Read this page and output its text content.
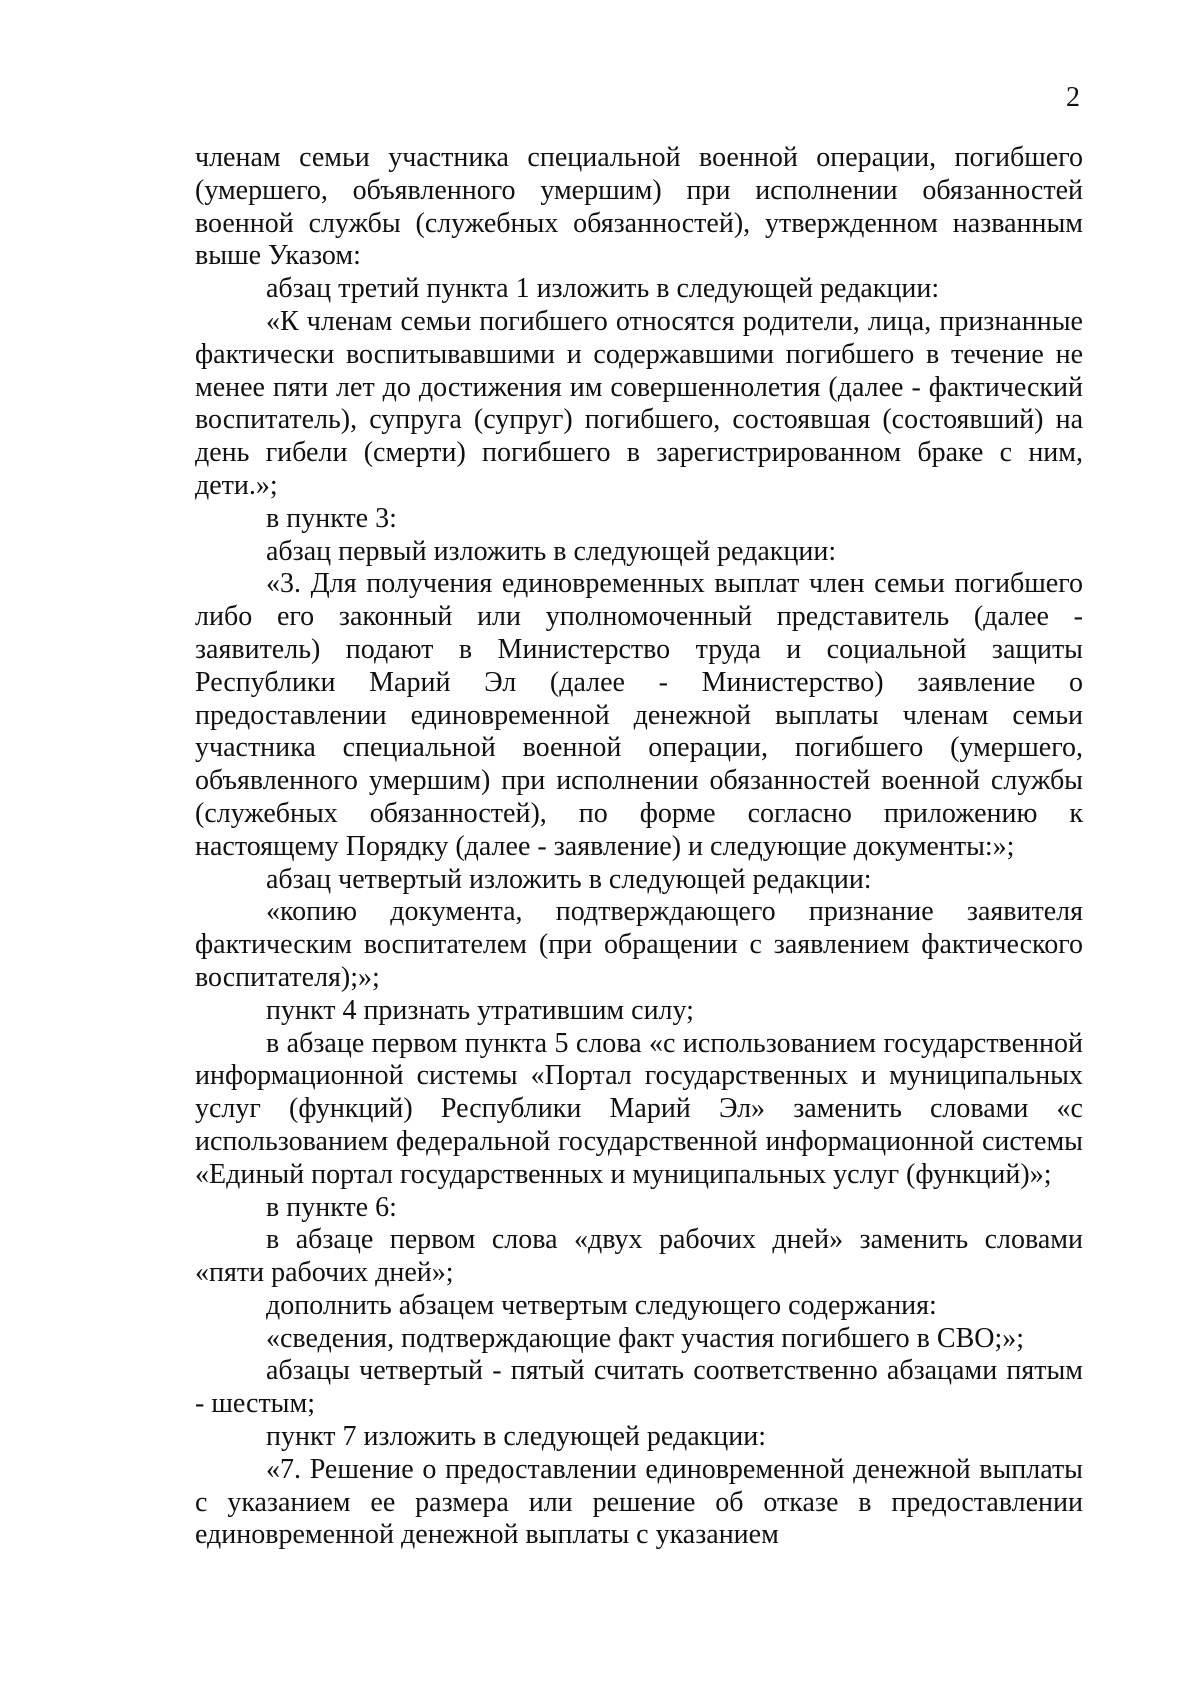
2

членам семьи участника специальной военной операции, погибшего (умершего, объявленного умершим) при исполнении обязанностей военной службы (служебных обязанностей), утвержденном названным выше Указом:

абзац третий пункта 1 изложить в следующей редакции:

«К членам семьи погибшего относятся родители, лица, признанные фактически воспитывавшими и содержавшими погибшего в течение не менее пяти лет до достижения им совершеннолетия (далее - фактический воспитатель), супруга (супруг) погибшего, состоявшая (состоявший) на день гибели (смерти) погибшего в зарегистрированном браке с ним, дети.»;

в пункте 3:

абзац первый изложить в следующей редакции:

«3. Для получения единовременных выплат член семьи погибшего либо его законный или уполномоченный представитель (далее - заявитель) подают в Министерство труда и социальной защиты Республики Марий Эл (далее - Министерство) заявление о предоставлении единовременной денежной выплаты членам семьи участника специальной военной операции, погибшего (умершего, объявленного умершим) при исполнении обязанностей военной службы (служебных обязанностей), по форме согласно приложению к настоящему Порядку (далее - заявление) и следующие документы:»;

абзац четвертый изложить в следующей редакции:

«копию документа, подтверждающего признание заявителя фактическим воспитателем (при обращении с заявлением фактического воспитателя);»;

пункт 4 признать утратившим силу;

в абзаце первом пункта 5 слова «с использованием государственной информационной системы «Портал государственных и муниципальных услуг (функций) Республики Марий Эл» заменить словами «с использованием федеральной государственной информационной системы «Единый портал государственных и муниципальных услуг (функций)»;

в пункте 6:

в абзаце первом слова «двух рабочих дней» заменить словами «пяти рабочих дней»;

дополнить абзацем четвертым следующего содержания:

«сведения, подтверждающие факт участия погибшего в СВО;»;

абзацы четвертый - пятый считать соответственно абзацами пятым - шестым;

пункт 7 изложить в следующей редакции:

«7. Решение о предоставлении единовременной денежной выплаты с указанием ее размера или решение об отказе в предоставлении единовременной денежной выплаты с указанием
